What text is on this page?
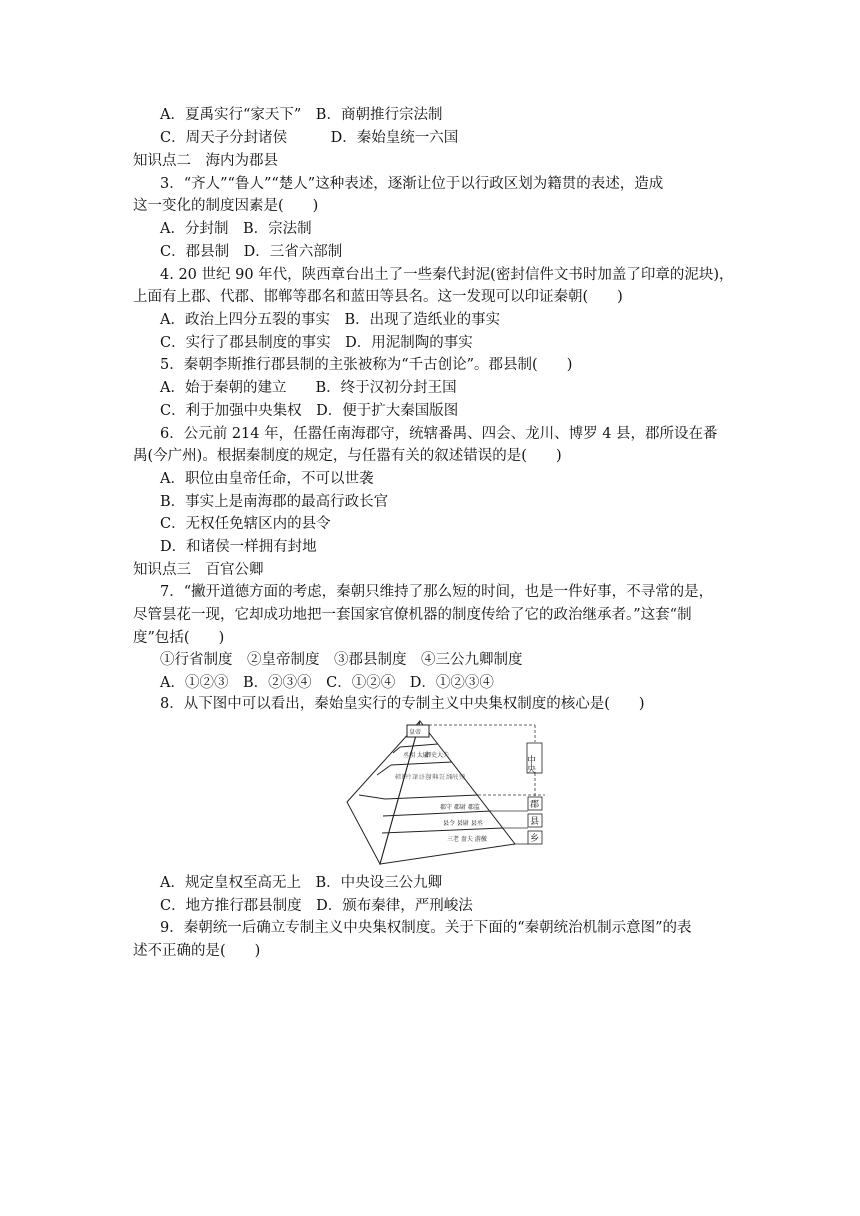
A．夏禹实行“家天下”　B．商朝推行宗法制
C．周天子分封诸侯　　　D．秦始皇统一六国
知识点二　海内为郡县
3．“齐人”“鲁人”“楚人”这种表述，逐渐让位于以行政区划为籍贯的表述，造成
这一变化的制度因素是(　　)
A．分封制　B．宗法制
C．郡县制　D．三省六部制
4. 20 世纪 90 年代，陕西章台出土了一些秦代封泥(密封信件文书时加盖了印章的泥块)，
上面有上郡、代郡、邯郸等郡名和蓝田等县名。这一发现可以印证秦朝(　　)
A．政治上四分五裂的事实　B．出现了造纸业的事实
C．实行了郡县制度的事实　D．用泥制陶的事实
5．秦朝李斯推行郡县制的主张被称为“千古创论”。郡县制(　　)
A．始于秦朝的建立　　B．终于汉初分封王国
C．利于加强中央集权　D．便于扩大秦国版图
6．公元前 214 年，任嚣任南海郡守，统辖番禺、四会、龙川、博罗 4 县，郡所设在番
禺(今广州)。根据秦制度的规定，与任嚣有关的叙述错误的是(　　)
A．职位由皇帝任命，不可以世袭
B．事实上是南海郡的最高行政长官
C．无权任免辖区内的县令
D．和诸侯一样拥有封地
知识点三　百官公卿
7．“撇开道德方面的考虑，秦朝只维持了那么短的时间，也是一件好事，不寻常的是，
尽管昙花一现，它却成功地把一套国家官僚机器的制度传给了它的政治继承者。”这套“制
度”包括(　　)
①行省制度　②皇帝制度　③郡县制度　④三公九卿制度
A．①②③　B．②③④　C．①②④　D．①②③④
8．从下图中可以看出，秦始皇实行的专制主义中央集权制度的核心是(　　)
皇帝
丞相 太尉
御史大夫
奉常 郎中令 卫尉 太仆 廷尉 典客 宗正 治粟内史 少府
郡守 郡尉 郡监
县令 县尉 县丞
三老 啬夫 游徼
中央
郡
县
乡
A．规定皇权至高无上　B．中央设三公九卿
C．地方推行郡县制度　D．颁布秦律，严刑峻法
9．秦朝统一后确立专制主义中央集权制度。关于下面的“秦朝统治机制示意图”的表
述不正确的是(　　)
